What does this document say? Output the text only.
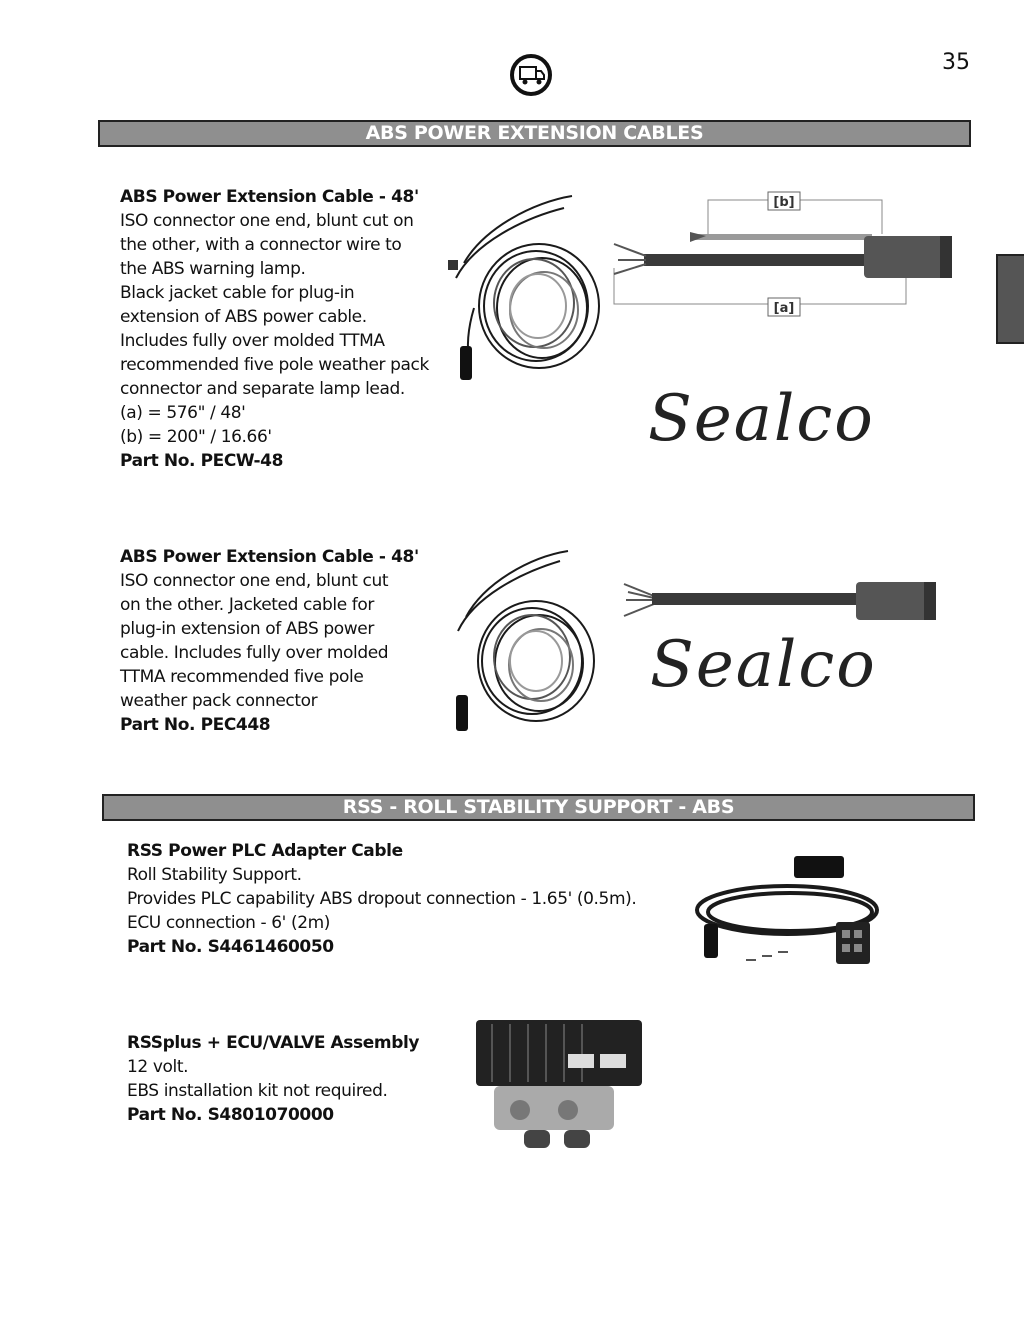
35
ABS POWER EXTENSION CABLES
ABS Power Extension Cable - 48'
ISO connector one end, blunt cut on
the other, with a connector wire to
the ABS warning lamp.
Black jacket cable for plug-in
extension of ABS power cable.
Includes fully over molded TTMA
recommended five pole weather pack
connector and separate lamp lead.
(a) = 576" / 48'
(b) = 200" / 16.66'
Part No. PECW-48
[b]
[a]
Sealco
ABS Power Extension Cable - 48'
ISO connector one end, blunt cut
on the other. Jacketed cable for
plug-in extension of ABS power
cable. Includes fully over molded
TTMA recommended five pole
weather pack connector
Part No. PEC448
Sealco
RSS - ROLL STABILITY SUPPORT - ABS
RSS Power PLC Adapter Cable
Roll Stability Support.
Provides PLC capability ABS dropout connection - 1.65' (0.5m).
ECU connection - 6' (2m)
Part No. S4461460050
RSSplus + ECU/VALVE Assembly
12 volt.
EBS installation kit not required.
Part No. S4801070000
